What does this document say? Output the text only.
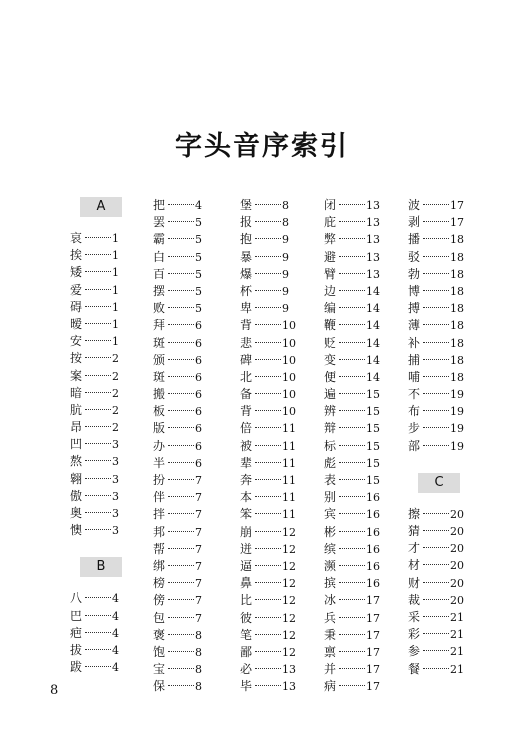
字头音序索引
A
哀	1
挨	1
矮	1
爱	1
碍	1
暧	1
安	1
按	2
案	2
暗	2
肮	2
昂	2
凹	3
熬	3
翱	3
傲	3
奥	3
懊	3
B
八	4
巴	4
疤	4
拔	4
跋	4
把	4
罢	5
霸	5
白	5
百	5
摆	5
败	5
拜	6
斑	6
颁	6
斑	6
搬	6
板	6
版	6
办	6
半	6
扮	7
伴	7
拌	7
邦	7
帮	7
绑	7
榜	7
傍	7
包	7
褒	8
饱	8
宝	8
保	8
堡	8
报	8
抱	9
暴	9
爆	9
杯	9
卑	9
背	10
悲	10
碑	10
北	10
备	10
背	10
倍	11
被	11
辈	11
奔	11
本	11
笨	11
崩	12
迸	12
逼	12
鼻	12
比	12
彼	12
笔	12
鄙	12
必	13
毕	13
闭	13
庇	13
弊	13
避	13
臂	13
边	14
编	14
鞭	14
贬	14
变	14
便	14
遍	15
辨	15
辩	15
标	15
彪	15
表	15
别	16
宾	16
彬	16
缤	16
濒	16
摈	16
冰	17
兵	17
秉	17
禀	17
并	17
病	17
波	17
剥	17
播	18
驳	18
勃	18
博	18
搏	18
薄	18
补	18
捕	18
哺	18
不	19
布	19
步	19
部	19
C
擦	20
猜	20
才	20
材	20
财	20
裁	20
采	21
彩	21
参	21
餐	21
8
